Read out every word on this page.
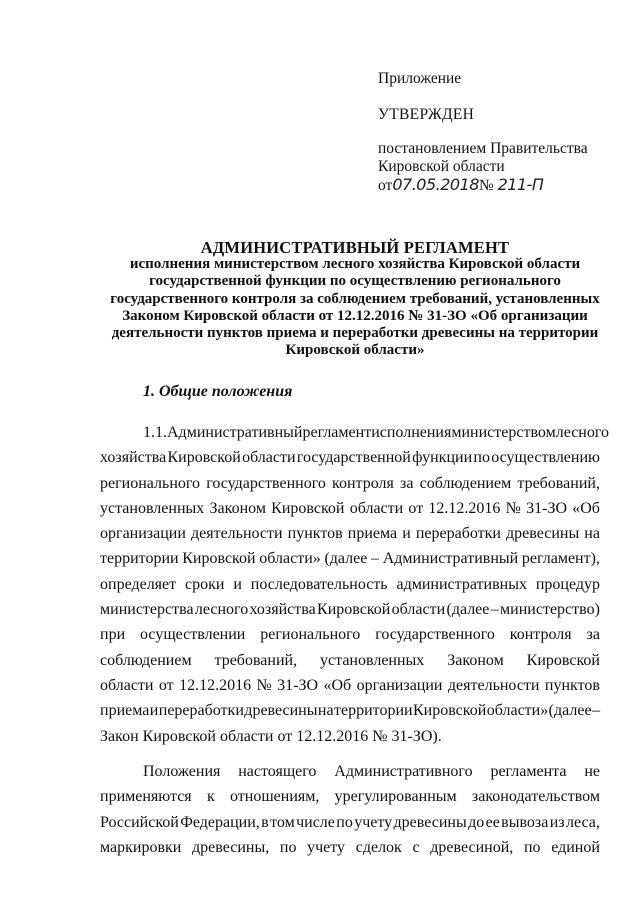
Приложение
УТВЕРЖДЕН
постановлением Правительства
Кировской области
от07.05.2018№ 211-П
АДМИНИСТРАТИВНЫЙ РЕГЛАМЕНТ
исполнения министерством лесного хозяйства Кировской области
государственной функции по осуществлению регионального
государственного контроля за соблюдением требований, установленных
Законом Кировской области от 12.12.2016 № 31-ЗО «Об организации
деятельности пунктов приема и переработки древесины на территории
Кировской области»
1. Общие положения
1.1. Административный регламент исполнения министерством лесного
хозяйства Кировской области государственной функции по осуществлению
регионального государственного контроля за соблюдением требований,
установленных Законом Кировской области от 12.12.2016 № 31-ЗО «Об
организации деятельности пунктов приема и переработки древесины на
территории Кировской области» (далее – Административный регламент),
определяет сроки и последовательность административных процедур
министерства лесного хозяйства Кировской области (далее – министерство)
при осуществлении регионального государственного контроля за
соблюдением требований, установленных Законом Кировской
области от 12.12.2016 № 31-ЗО «Об организации деятельности пунктов
приема и переработки древесины на территории Кировской области» (далее –
Закон Кировской области от 12.12.2016 № 31-ЗО).
Положения настоящего Административного регламента не
применяются к отношениям, урегулированным законодательством
Российской Федерации, в том числе по учету древесины до ее вывоза из леса,
маркировки древесины, по учету сделок с древесиной, по единой
